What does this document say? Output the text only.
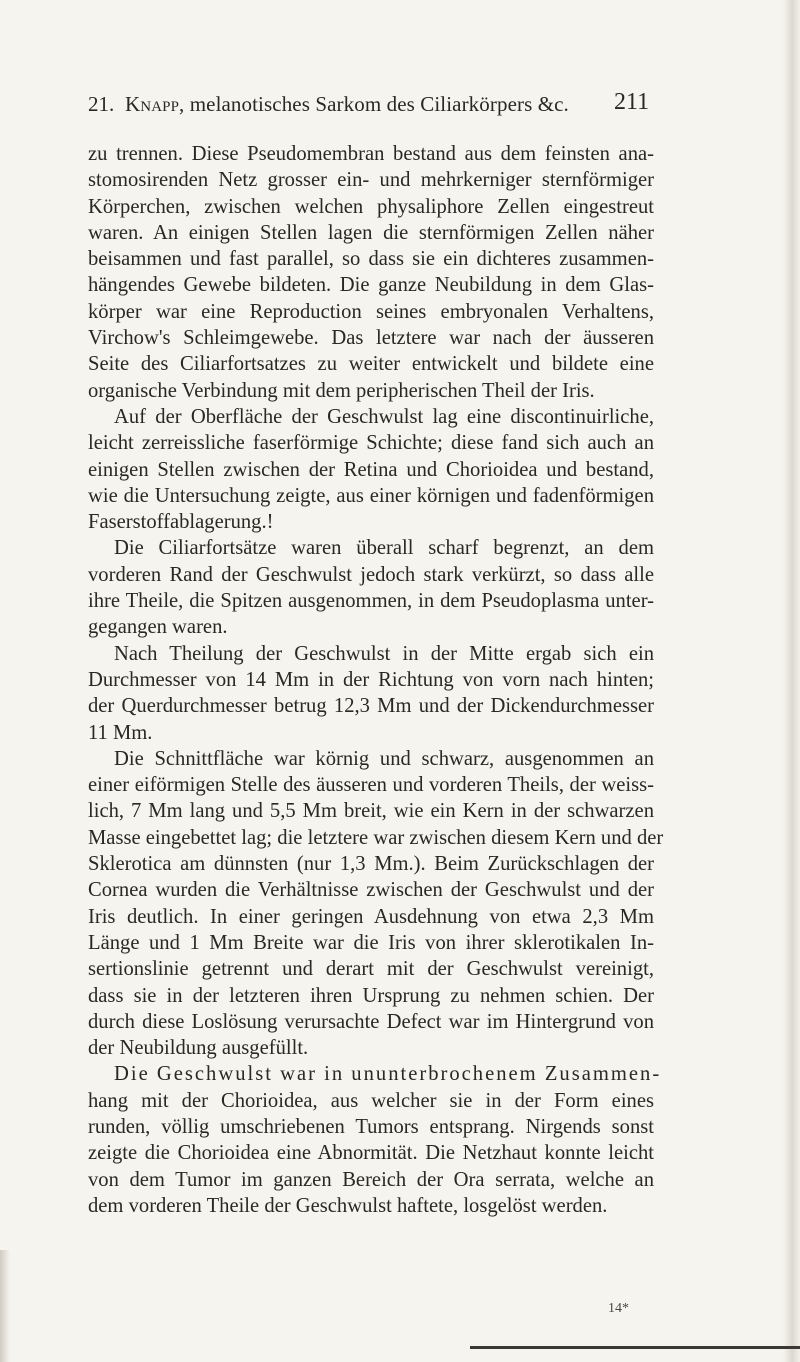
21. Knapp, melanotisches Sarkom des Ciliarkörpers &c. 211
zu trennen. Diese Pseudomembran bestand aus dem feinsten ana-
stomosirenden Netz grosser ein- und mehrkerniger sternförmiger
Körperchen, zwischen welchen physaliphore Zellen eingestreut
waren. An einigen Stellen lagen die sternförmigen Zellen näher
beisammen und fast parallel, so dass sie ein dichteres zusammen-
hängendes Gewebe bildeten. Die ganze Neubildung in dem Glas-
körper war eine Reproduction seines embryonalen Verhaltens,
Virchow's Schleimgewebe. Das letztere war nach der äusseren
Seite des Ciliarfortsatzes zu weiter entwickelt und bildete eine
organische Verbindung mit dem peripherischen Theil der Iris.
Auf der Oberfläche der Geschwulst lag eine discontinuirliche,
leicht zerreissliche faserförmige Schichte; diese fand sich auch an
einigen Stellen zwischen der Retina und Chorioidea und bestand,
wie die Untersuchung zeigte, aus einer körnigen und fadenförmigen
Faserstoffablagerung.!
Die Ciliarfortsätze waren überall scharf begrenzt, an dem
vorderen Rand der Geschwulst jedoch stark verkürzt, so dass alle
ihre Theile, die Spitzen ausgenommen, in dem Pseudoplasma unter-
gegangen waren.
Nach Theilung der Geschwulst in der Mitte ergab sich ein
Durchmesser von 14 Mm in der Richtung von vorn nach hinten;
der Querdurchmesser betrug 12,3 Mm und der Dickendurchmesser
11 Mm.
Die Schnittfläche war körnig und schwarz, ausgenommen an
einer eiförmigen Stelle des äusseren und vorderen Theils, der weiss-
lich, 7 Mm lang und 5,5 Mm breit, wie ein Kern in der schwarzen
Masse eingebettet lag; die letztere war zwischen diesem Kern und der
Sklerotica am dünnsten (nur 1,3 Mm.). Beim Zurückschlagen der
Cornea wurden die Verhältnisse zwischen der Geschwulst und der
Iris deutlich. In einer geringen Ausdehnung von etwa 2,3 Mm
Länge und 1 Mm Breite war die Iris von ihrer sklerotikalen In-
sertionslinie getrennt und derart mit der Geschwulst vereinigt,
dass sie in der letzteren ihren Ursprung zu nehmen schien. Der
durch diese Loslösung verursachte Defect war im Hintergrund von
der Neubildung ausgefüllt.
Die Geschwulst war in ununterbrochenem Zusammen-
hang mit der Chorioidea, aus welcher sie in der Form eines
runden, völlig umschriebenen Tumors entsprang. Nirgends sonst
zeigte die Chorioidea eine Abnormität. Die Netzhaut konnte leicht
von dem Tumor im ganzen Bereich der Ora serrata, welche an
dem vorderen Theile der Geschwulst haftete, losgelöst werden.
14*
